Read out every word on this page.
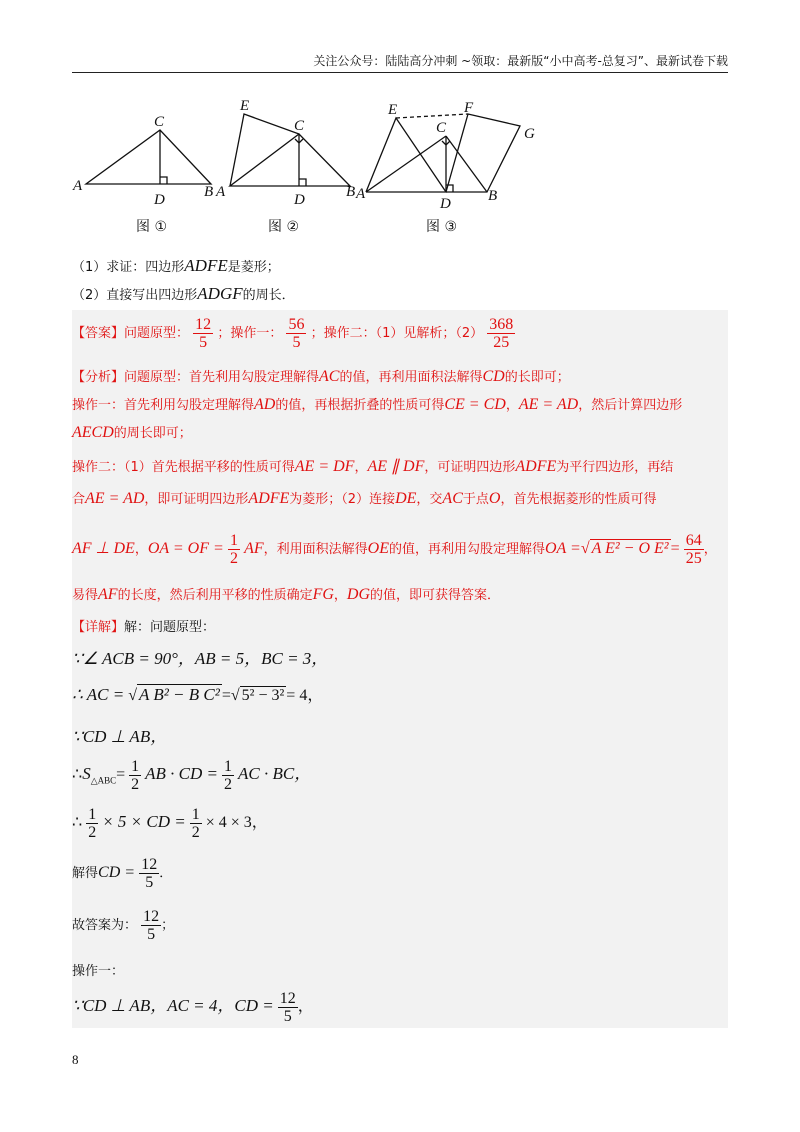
关注公众号：陆陆高分冲刺 ~领取：最新版“小中高考-总复习”、最新试卷下载
A
C
D	B A
E
C
D	B A
E
C
F
G
D B
图 ①	图 ②	图 ③
（1）求证：四边形ADFE是菱形；
（2）直接写出四边形ADGF的周长．
【答案】问题原型： $\frac{12}{5}$ ；操作一： $\frac{56}{5}$ ；操作二：（1）见解析；$(2) \frac{368}{25}$
【分析】问题原型：首先利用勾股定理解得AC的值，再利用面积法解得CD的长即可；
操作一：首先利用勾股定理解得AD的值，再根据折叠的性质可得CE = CD，AE = AD，然后计算四边形
AECD的周长即可；
操作二：（1）首先根据平移的性质可得AE = DF，AE ∥ DF，可证明四边形ADFE为平行四边形，再结
合AE = AD，即可证明四边形ADFE为菱形；（2）连接DE，交AC于点O，首先根据菱形的性质可得
AF ⊥ DE，OA = OF = $\frac{1}{2}$ AF，利用面积法解得OE的值，再利用勾股定理解得OA =√ A E² − O $E^2 = \frac{64}{25}$ ，
易得AF的长度，然后利用平移的性质确定FG，DG的值，即可获得答案．
【详解】解：问题原型：
∵∠ ACB = 90°，AB = 5，BC = 3，
∴ AC = √ A B² − B C² =√ 5² − 3² = 4，
∵CD ⊥ AB，
$\therefore S_{\triangle ABC}= \frac{1}{2}$ AB · CD = $\frac{1}{2}$ AC · BC，
∴ $\frac{1}{2} \times 5$ × CD = $\frac{1}{2} \times 4 \times 3$，
解得CD = $\frac{12}{5}$ ．
故答案为： $\frac{12}{5}$ ；
操作一：
∵CD ⊥ AB，AC = 4，CD = $\frac{12}{5}$ ，
8
